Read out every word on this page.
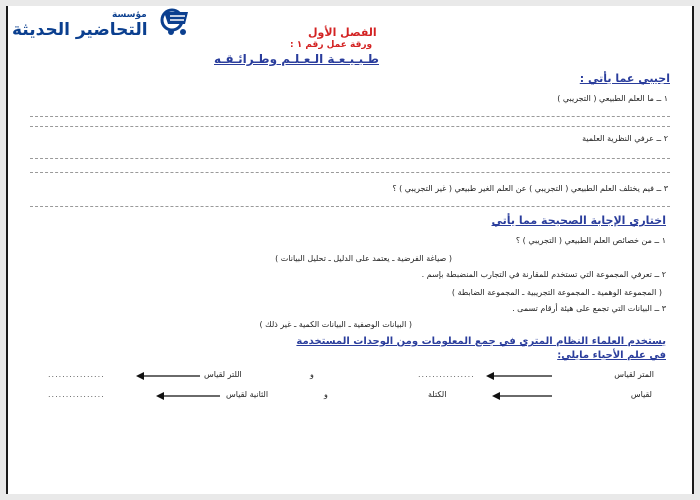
مؤسسة
التحاضير الحديثة	الفصل الأول
ورقة عمل رقم ١ :
طـبـيـعـة الـعـلـم وطـرائـقـه
اجيبي عما يأتي :
١ ــ ما العلم الطبيعي ( التجريبي )
٢ ــ عرفي النظرية العلمية
٣ ــ فيم يختلف العلم الطبيعي ( التجريبي ) عن العلم الغير طبيعي ( غير التجريبي ) ؟
اختاري الإجابة الصحيحة مما يأتي
١ ــ من خصائص العلم الطبيعي ( التجريبي ) ؟
( صياغة الفرضية ـ يعتمد على الدليل ـ تحليل البيانات )
٢ ــ تعرفي المجموعة التي تستخدم للمقارنة في التجارب المنضبطة بإسم .
( المجموعة الوهمية ـ المجموعة التجريبية ـ المجموعة الضابطة )
٣ ــ البيانات التي تجمع على هيئة أرقام تسمى .
( البيانات الوصفية ـ البيانات الكمية ـ غير ذلك )
يستخدم العلماء النظام المتري في جمع المعلومات ومن الوحدات المستخدمة
في علم الأحياء مايلي:
المتر لقياس
................
و
اللتر لقياس
................
لقياس
الكتلة
و
الثانية لقياس
................
